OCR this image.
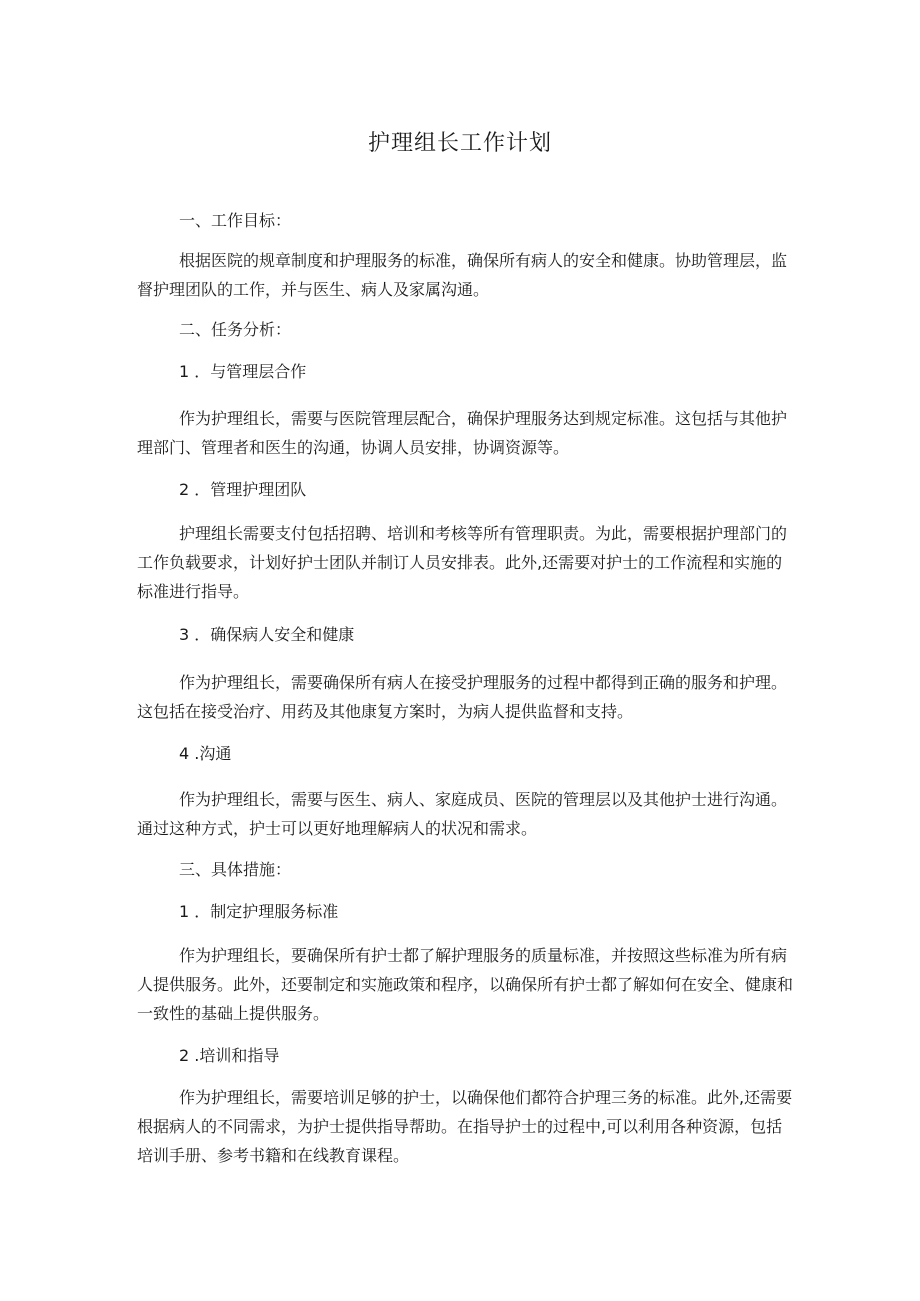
护理组长工作计划

一、工作目标：

根据医院的规章制度和护理服务的标准，确保所有病人的安全和健康。协助管理层，监督护理团队的工作，并与医生、病人及家属沟通。

二、任务分析：

1 ．与管理层合作

作为护理组长，需要与医院管理层配合，确保护理服务达到规定标准。这包括与其他护理部门、管理者和医生的沟通，协调人员安排，协调资源等。

2 ．管理护理团队

护理组长需要支付包括招聘、培训和考核等所有管理职责。为此，需要根据护理部门的工作负载要求，计划好护士团队并制订人员安排表。此外,还需要对护士的工作流程和实施的标准进行指导。

3 ．确保病人安全和健康

作为护理组长，需要确保所有病人在接受护理服务的过程中都得到正确的服务和护理。这包括在接受治疗、用药及其他康复方案时，为病人提供监督和支持。

4 .沟通

作为护理组长，需要与医生、病人、家庭成员、医院的管理层以及其他护士进行沟通。通过这种方式，护士可以更好地理解病人的状况和需求。

三、具体措施：

1 ．制定护理服务标准

作为护理组长，要确保所有护士都了解护理服务的质量标准，并按照这些标准为所有病人提供服务。此外，还要制定和实施政策和程序，以确保所有护士都了解如何在安全、健康和一致性的基础上提供服务。

2 .培训和指导

作为护理组长，需要培训足够的护士，以确保他们都符合护理三务的标准。此外,还需要根据病人的不同需求，为护士提供指导帮助。在指导护士的过程中,可以利用各种资源，包括培训手册、参考书籍和在线教育课程。
